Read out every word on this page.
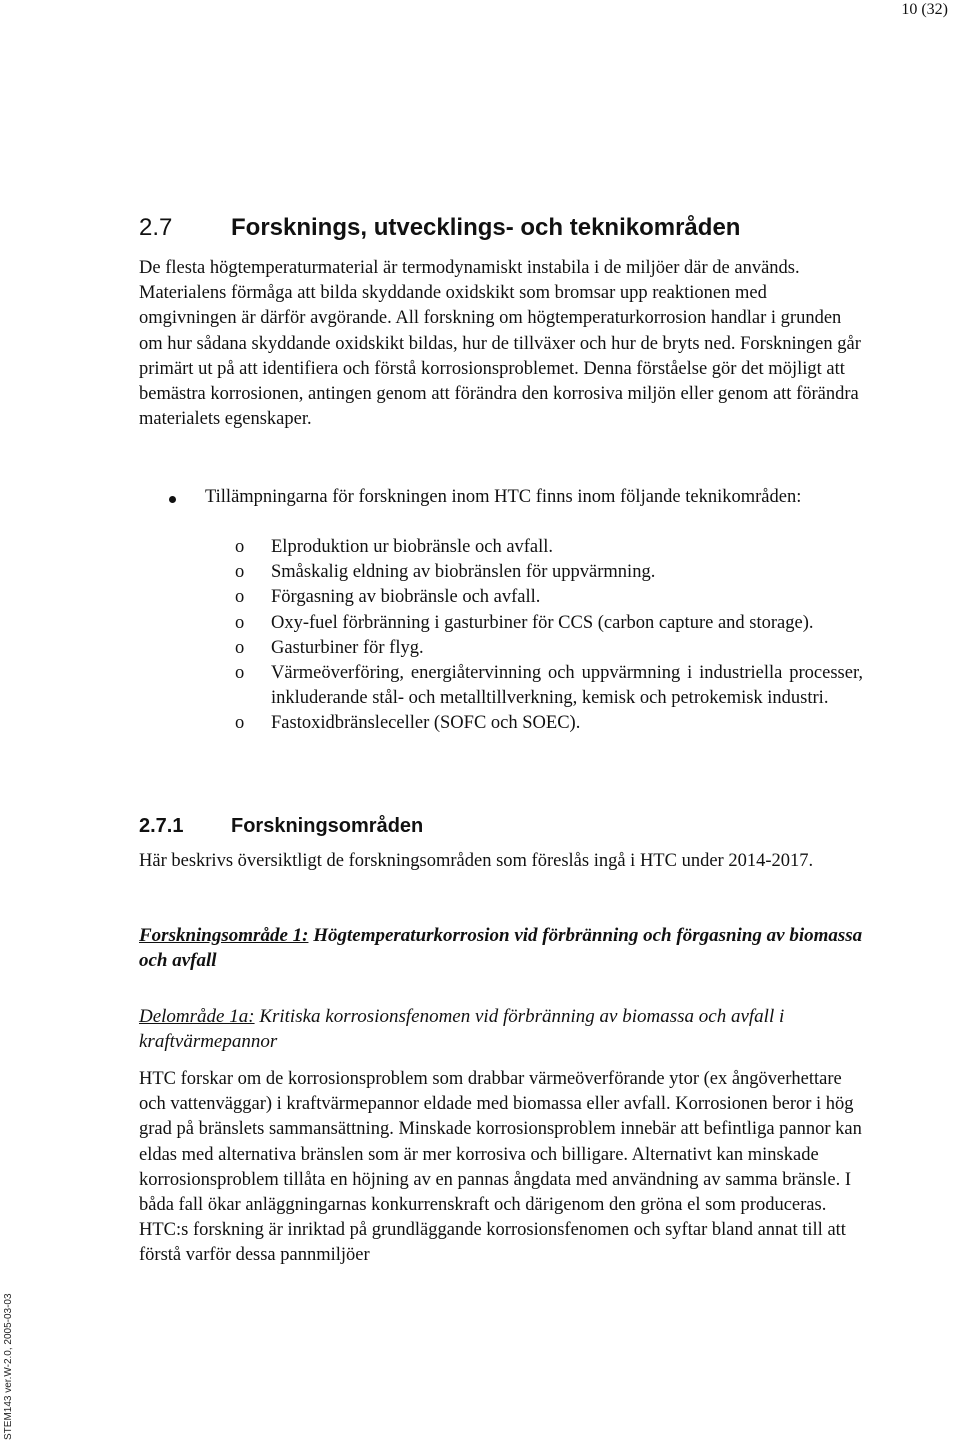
10 (32)
STEM143 ver.W-2.0, 2005-03-03
2.7 Forsknings, utvecklings- och teknikområden

De flesta högtemperaturmaterial är termodynamiskt instabila i de miljöer där de används. Materialens förmåga att bilda skyddande oxidskikt som bromsar upp reaktionen med omgivningen är därför avgörande. All forskning om högtemperaturkorrosion handlar i grunden om hur sådana skyddande oxidskikt bildas, hur de tillväxer och hur de bryts ned. Forskningen går primärt ut på att identifiera och förstå korrosionsproblemet. Denna förståelse gör det möjligt att bemästra korrosionen, antingen genom att förändra den korrosiva miljön eller genom att förändra materialets egenskaper.

Tillämpningarna för forskningen inom HTC finns inom följande teknikområden:
o Elproduktion ur biobränsle och avfall.
o Småskalig eldning av biobränslen för uppvärmning.
o Förgasning av biobränsle och avfall.
o Oxy-fuel förbränning i gasturbiner för CCS (carbon capture and storage).
o Gasturbiner för flyg.
o Värmeöverföring, energiåtervinning och uppvärmning i industriella processer, inkluderande stål- och metalltillverkning, kemisk och petrokemisk industri.
o Fastoxidbränsleceller (SOFC och SOEC).
2.7.1 Forskningsområden

Här beskrivs översiktligt de forskningsområden som föreslås ingå i HTC under 2014-2017.

Forskningsområde 1: Högtemperaturkorrosion vid förbränning och förgasning av biomassa och avfall
Delområde 1a: Kritiska korrosionsfenomen vid förbränning av biomassa och avfall i kraftvärmepannor

HTC forskar om de korrosionsproblem som drabbar värmeöverförande ytor (ex ångöverhettare och vattenväggar) i kraftvärmepannor eldade med biomassa eller avfall. Korrosionen beror i hög grad på bränslets sammansättning. Minskade korrosionsproblem innebär att befintliga pannor kan eldas med alternativa bränslen som är mer korrosiva och billigare. Alternativt kan minskade korrosionsproblem tillåta en höjning av en pannas ångdata med användning av samma bränsle. I båda fall ökar anläggningarnas konkurrenskraft och därigenom den gröna el som produceras. HTC:s forskning är inriktad på grundläggande korrosionsfenomen och syftar bland annat till att förstå varför dessa pannmiljöer
